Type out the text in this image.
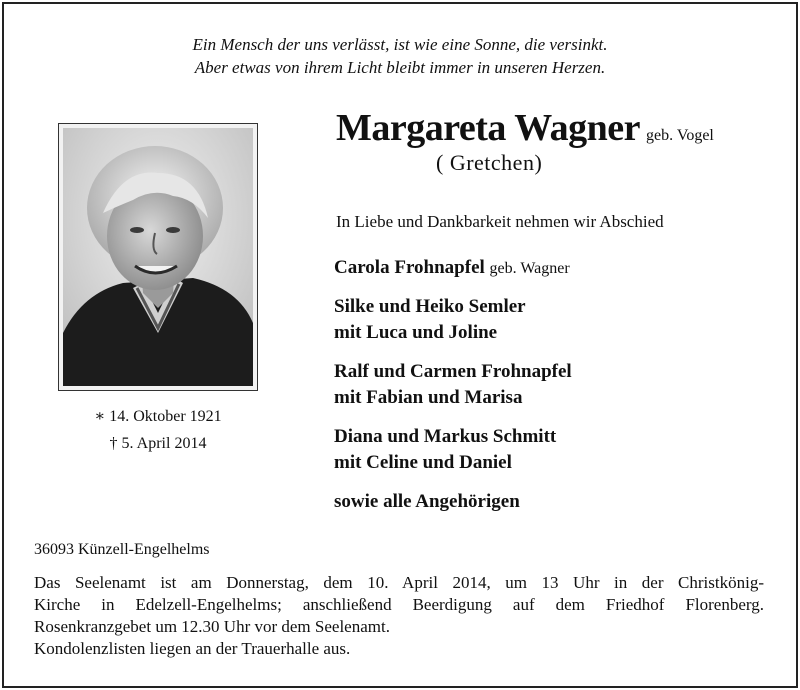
Ein Mensch der uns verlässt, ist wie eine Sonne, die versinkt.
Aber etwas von ihrem Licht bleibt immer in unseren Herzen.
∗ 14. Oktober 1921
† 5. April 2014
Margareta Wagner geb. Vogel
( Gretchen)
In Liebe und Dankbarkeit nehmen wir Abschied
Carola Frohnapfel geb. Wagner
Silke und Heiko Semler
mit Luca und Joline
Ralf und Carmen Frohnapfel
mit Fabian und Marisa
Diana und Markus Schmitt
mit Celine und Daniel
sowie alle Angehörigen
36093 Künzell-Engelhelms
Das Seelenamt ist am Donnerstag, dem 10. April 2014, um 13 Uhr in der Christkönig-
Kirche in Edelzell-Engelhelms; anschließend Beerdigung auf dem Friedhof Florenberg.
Rosenkranzgebet um 12.30 Uhr vor dem Seelenamt.
Kondolenzlisten liegen an der Trauerhalle aus.
